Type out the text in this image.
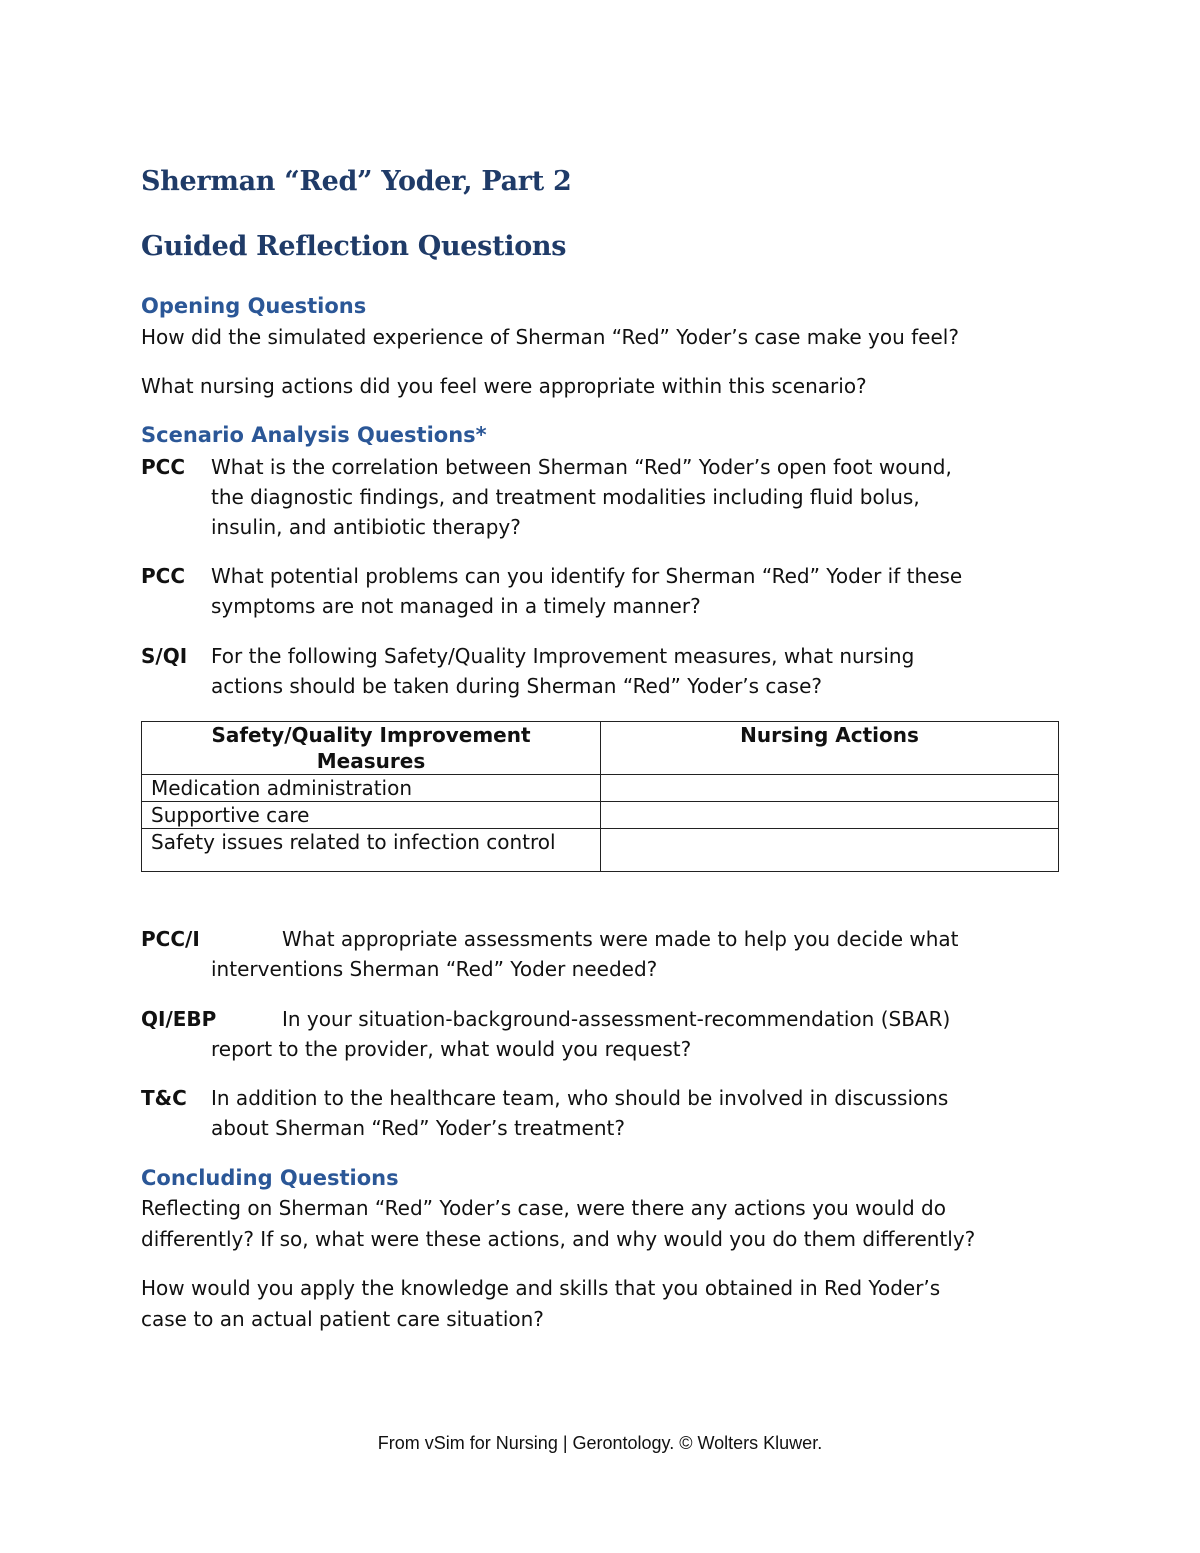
Sherman “Red” Yoder, Part 2
Guided Reflection Questions
Opening Questions

How did the simulated experience of Sherman “Red” Yoder’s case make you feel?

What nursing actions did you feel were appropriate within this scenario?

Scenario Analysis Questions*
PCC What is the correlation between Sherman “Red” Yoder’s open foot wound,
the diagnostic findings, and treatment modalities including fluid bolus,
insulin, and antibiotic therapy?
PCC What potential problems can you identify for Sherman “Red” Yoder if these
symptoms are not managed in a timely manner?
S/QI For the following Safety/Quality Improvement measures, what nursing
actions should be taken during Sherman “Red” Yoder’s case?
Safety/Quality Improvement
Measures	Nursing Actions
Medication administration	
Supportive care	
Safety issues related to infection control	
PCC/I	What appropriate assessments were made to help you decide what
interventions Sherman “Red” Yoder needed?
QI/EBP	In your situation-background-assessment-recommendation (SBAR)
report to the provider, what would you request?
T&C In addition to the healthcare team, who should be involved in discussions
about Sherman “Red” Yoder’s treatment?
Concluding Questions

Reflecting on Sherman “Red” Yoder’s case, were there any actions you would do

differently? If so, what were these actions, and why would you do them differently?

How would you apply the knowledge and skills that you obtained in Red Yoder’s

case to an actual patient care situation?

From vSim for Nursing | Gerontology. © Wolters Kluwer.
